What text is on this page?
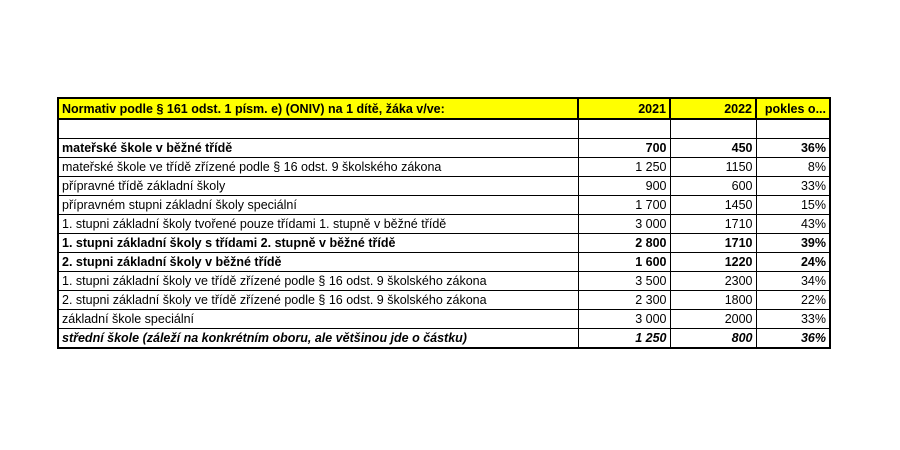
Normativ podle § 161 odst. 1 písm. e) (ONIV) na 1 dítě, žáka v/ve:	2021	2022	pokles o...

mateřské škole v běžné třídě	700	450	36%
mateřské škole ve třídě zřízené podle § 16 odst. 9 školského zákona	1 250	1150	8%
přípravné třídě základní školy	900	600	33%
přípravném stupni základní školy speciální	1 700	1450	15%
1. stupni základní školy tvořené pouze třídami 1. stupně v běžné třídě	3 000	1710	43%
1. stupni základní školy s třídami 2. stupně v běžné třídě	2 800	1710	39%
2. stupni základní školy v běžné třídě	1 600	1220	24%
1. stupni základní školy ve třídě zřízené podle § 16 odst. 9 školského zákona	3 500	2300	34%
2. stupni základní školy ve třídě zřízené podle § 16 odst. 9 školského zákona	2 300	1800	22%
základní škole speciální	3 000	2000	33%
střední škole (záleží na konkrétním oboru, ale většinou jde o částku)	1 250	800	36%
